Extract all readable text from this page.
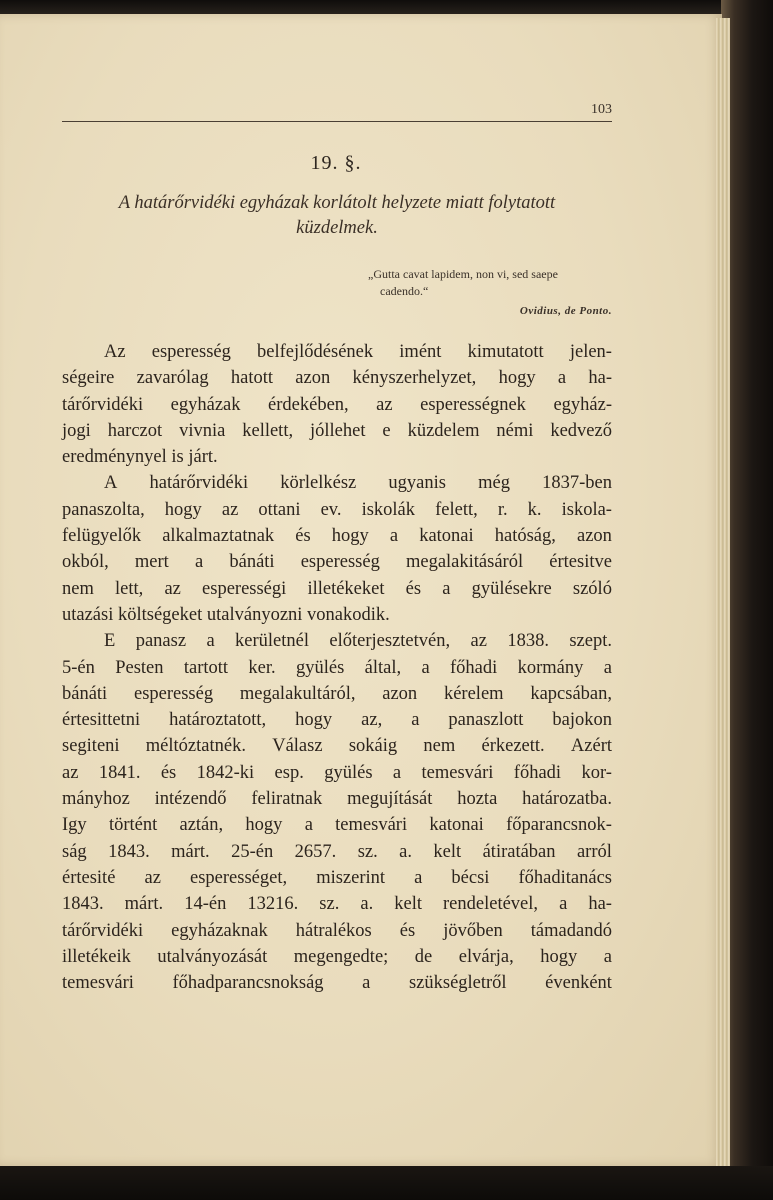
103
19. §.
A határőrvidéki egyházak korlátolt helyzete miatt folytatott
küzdelmek.
„Gutta cavat lapidem, non vi, sed saepe
cadendo.“
Ovidius, de Ponto.
Az esperesség belfejlődésének imént kimutatott jelen-
ségeire zavarólag hatott azon kényszerhelyzet, hogy a ha-
tárőrvidéki egyházak érdekében, az esperességnek egyház-
jogi harczot vivnia kellett, jóllehet e küzdelem némi kedvező
eredménynyel is járt.
A határőrvidéki körlelkész ugyanis még 1837-ben
panaszolta, hogy az ottani ev. iskolák felett, r. k. iskola-
felügyelők alkalmaztatnak és hogy a katonai hatóság, azon
okból, mert a bánáti esperesség megalakitásáról értesitve
nem lett, az esperességi illetékeket és a gyülésekre szóló
utazási költségeket utalványozni vonakodik.
E panasz a kerületnél előterjesztetvén, az 1838. szept.
5-én Pesten tartott ker. gyülés által, a főhadi kormány a
bánáti esperesség megalakultáról, azon kérelem kapcsában,
értesittetni határoztatott, hogy az, a panaszlott bajokon
segiteni méltóztatnék. Válasz sokáig nem érkezett. Azért
az 1841. és 1842-ki esp. gyülés a temesvári főhadi kor-
mányhoz intézendő feliratnak megujítását hozta határozatba.
Igy történt aztán, hogy a temesvári katonai főparancsnok-
ság 1843. márt. 25-én 2657. sz. a. kelt átiratában arról
értesité az esperességet, miszerint a bécsi főhaditanács
1843. márt. 14-én 13216. sz. a. kelt rendeletével, a ha-
tárőrvidéki egyházaknak hátralékos és jövőben támadandó
illetékeik utalványozását megengedte; de elvárja, hogy a
temesvári főhadparancsnokság a szükségletről évenként
